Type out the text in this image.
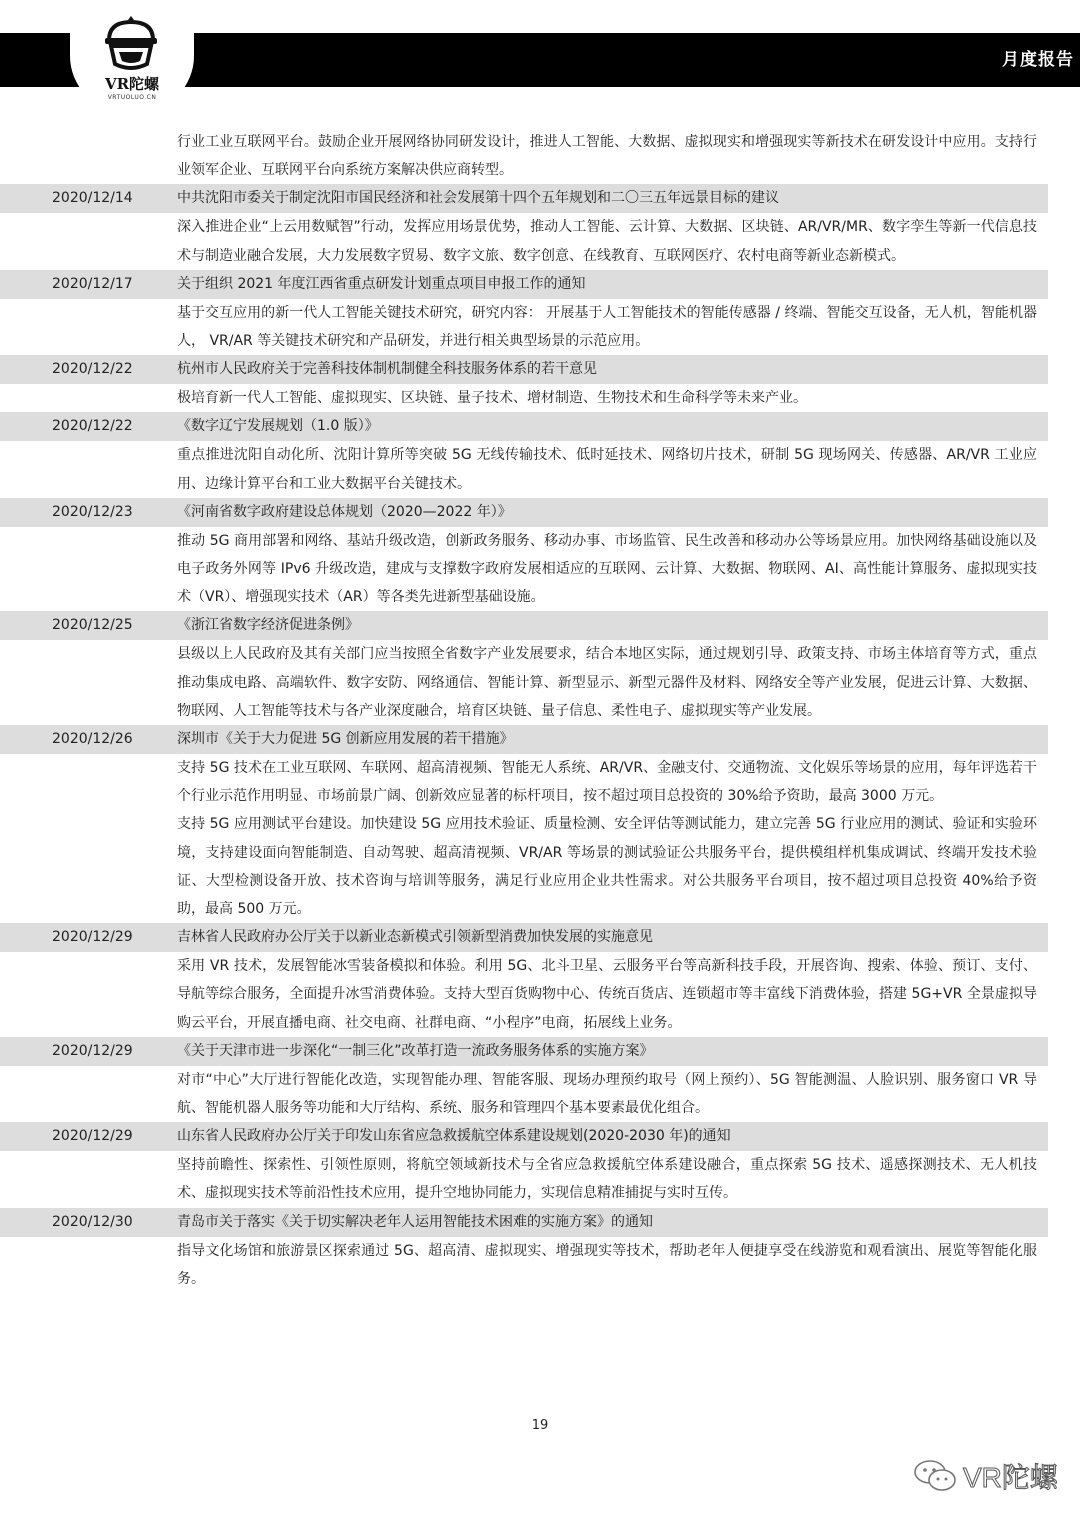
月度报告
VR陀螺
VRTUOLUO.CN
行业工业互联网平台。鼓励企业开展网络协同研发设计，推进人工智能、大数据、虚拟现实和增强现实等新技术在研发设计中应用。支持行业领军企业、互联网平台向系统方案解决供应商转型。
2020/12/14	中共沈阳市委关于制定沈阳市国民经济和社会发展第十四个五年规划和二〇三五年远景目标的建议
深入推进企业“上云用数赋智”行动，发挥应用场景优势，推动人工智能、云计算、大数据、区块链、AR/VR/MR、数字孪生等新一代信息技术与制造业融合发展，大力发展数字贸易、数字文旅、数字创意、在线教育、互联网医疗、农村电商等新业态新模式。
2020/12/17	关于组织 2021 年度江西省重点研发计划重点项目申报工作的通知
基于交互应用的新一代人工智能关键技术研究，研究内容： 开展基于人工智能技术的智能传感器 / 终端、智能交互设备，无人机，智能机器人， VR/AR 等关键技术研究和产品研发，并进行相关典型场景的示范应用。
2020/12/22	杭州市人民政府关于完善科技体制机制健全科技服务体系的若干意见
极培育新一代人工智能、虚拟现实、区块链、量子技术、增材制造、生物技术和生命科学等未来产业。
2020/12/22	《数字辽宁发展规划（1.0 版）》
重点推进沈阳自动化所、沈阳计算所等突破 5G 无线传输技术、低时延技术、网络切片技术，研制 5G 现场网关、传感器、AR/VR 工业应用、边缘计算平台和工业大数据平台关键技术。
2020/12/23	《河南省数字政府建设总体规划（2020—2022 年）》
推动 5G 商用部署和网络、基站升级改造，创新政务服务、移动办事、市场监管、民生改善和移动办公等场景应用。加快网络基础设施以及电子政务外网等 IPv6 升级改造，建成与支撑数字政府发展相适应的互联网、云计算、大数据、物联网、AI、高性能计算服务、虚拟现实技术（VR）、增强现实技术（AR）等各类先进新型基础设施。
2020/12/25	《浙江省数字经济促进条例》
县级以上人民政府及其有关部门应当按照全省数字产业发展要求，结合本地区实际，通过规划引导、政策支持、市场主体培育等方式，重点推动集成电路、高端软件、数字安防、网络通信、智能计算、新型显示、新型元器件及材料、网络安全等产业发展，促进云计算、大数据、物联网、人工智能等技术与各产业深度融合，培育区块链、量子信息、柔性电子、虚拟现实等产业发展。
2020/12/26	深圳市《关于大力促进 5G 创新应用发展的若干措施》
支持 5G 技术在工业互联网、车联网、超高清视频、智能无人系统、AR/VR、金融支付、交通物流、文化娱乐等场景的应用，每年评选若干个行业示范作用明显、市场前景广阔、创新效应显著的标杆项目，按不超过项目总投资的 30%给予资助，最高 3000 万元。
支持 5G 应用测试平台建设。加快建设 5G 应用技术验证、质量检测、安全评估等测试能力，建立完善 5G 行业应用的测试、验证和实验环境，支持建设面向智能制造、自动驾驶、超高清视频、VR/AR 等场景的测试验证公共服务平台，提供模组样机集成调试、终端开发技术验证、大型检测设备开放、技术咨询与培训等服务，满足行业应用企业共性需求。对公共服务平台项目，按不超过项目总投资 40%给予资助，最高 500 万元。
2020/12/29	吉林省人民政府办公厅关于以新业态新模式引领新型消费加快发展的实施意见
采用 VR 技术，发展智能冰雪装备模拟和体验。利用 5G、北斗卫星、云服务平台等高新科技手段，开展咨询、搜索、体验、预订、支付、导航等综合服务，全面提升冰雪消费体验。支持大型百货购物中心、传统百货店、连锁超市等丰富线下消费体验，搭建 5G+VR 全景虚拟导购云平台，开展直播电商、社交电商、社群电商、“小程序”电商，拓展线上业务。
2020/12/29	《关于天津市进一步深化“一制三化”改革打造一流政务服务体系的实施方案》
对市“中心”大厅进行智能化改造，实现智能办理、智能客服、现场办理预约取号（网上预约）、5G 智能测温、人脸识别、服务窗口 VR 导航、智能机器人服务等功能和大厅结构、系统、服务和管理四个基本要素最优化组合。
2020/12/29	山东省人民政府办公厅关于印发山东省应急救援航空体系建设规划(2020-2030 年)的通知
坚持前瞻性、探索性、引领性原则，将航空领域新技术与全省应急救援航空体系建设融合，重点探索 5G 技术、遥感探测技术、无人机技术、虚拟现实技术等前沿性技术应用，提升空地协同能力，实现信息精准捕捉与实时互传。
2020/12/30	青岛市关于落实《关于切实解决老年人运用智能技术困难的实施方案》的通知
指导文化场馆和旅游景区探索通过 5G、超高清、虚拟现实、增强现实等技术，帮助老年人便捷享受在线游览和观看演出、展览等智能化服务。
19
VR陀螺
